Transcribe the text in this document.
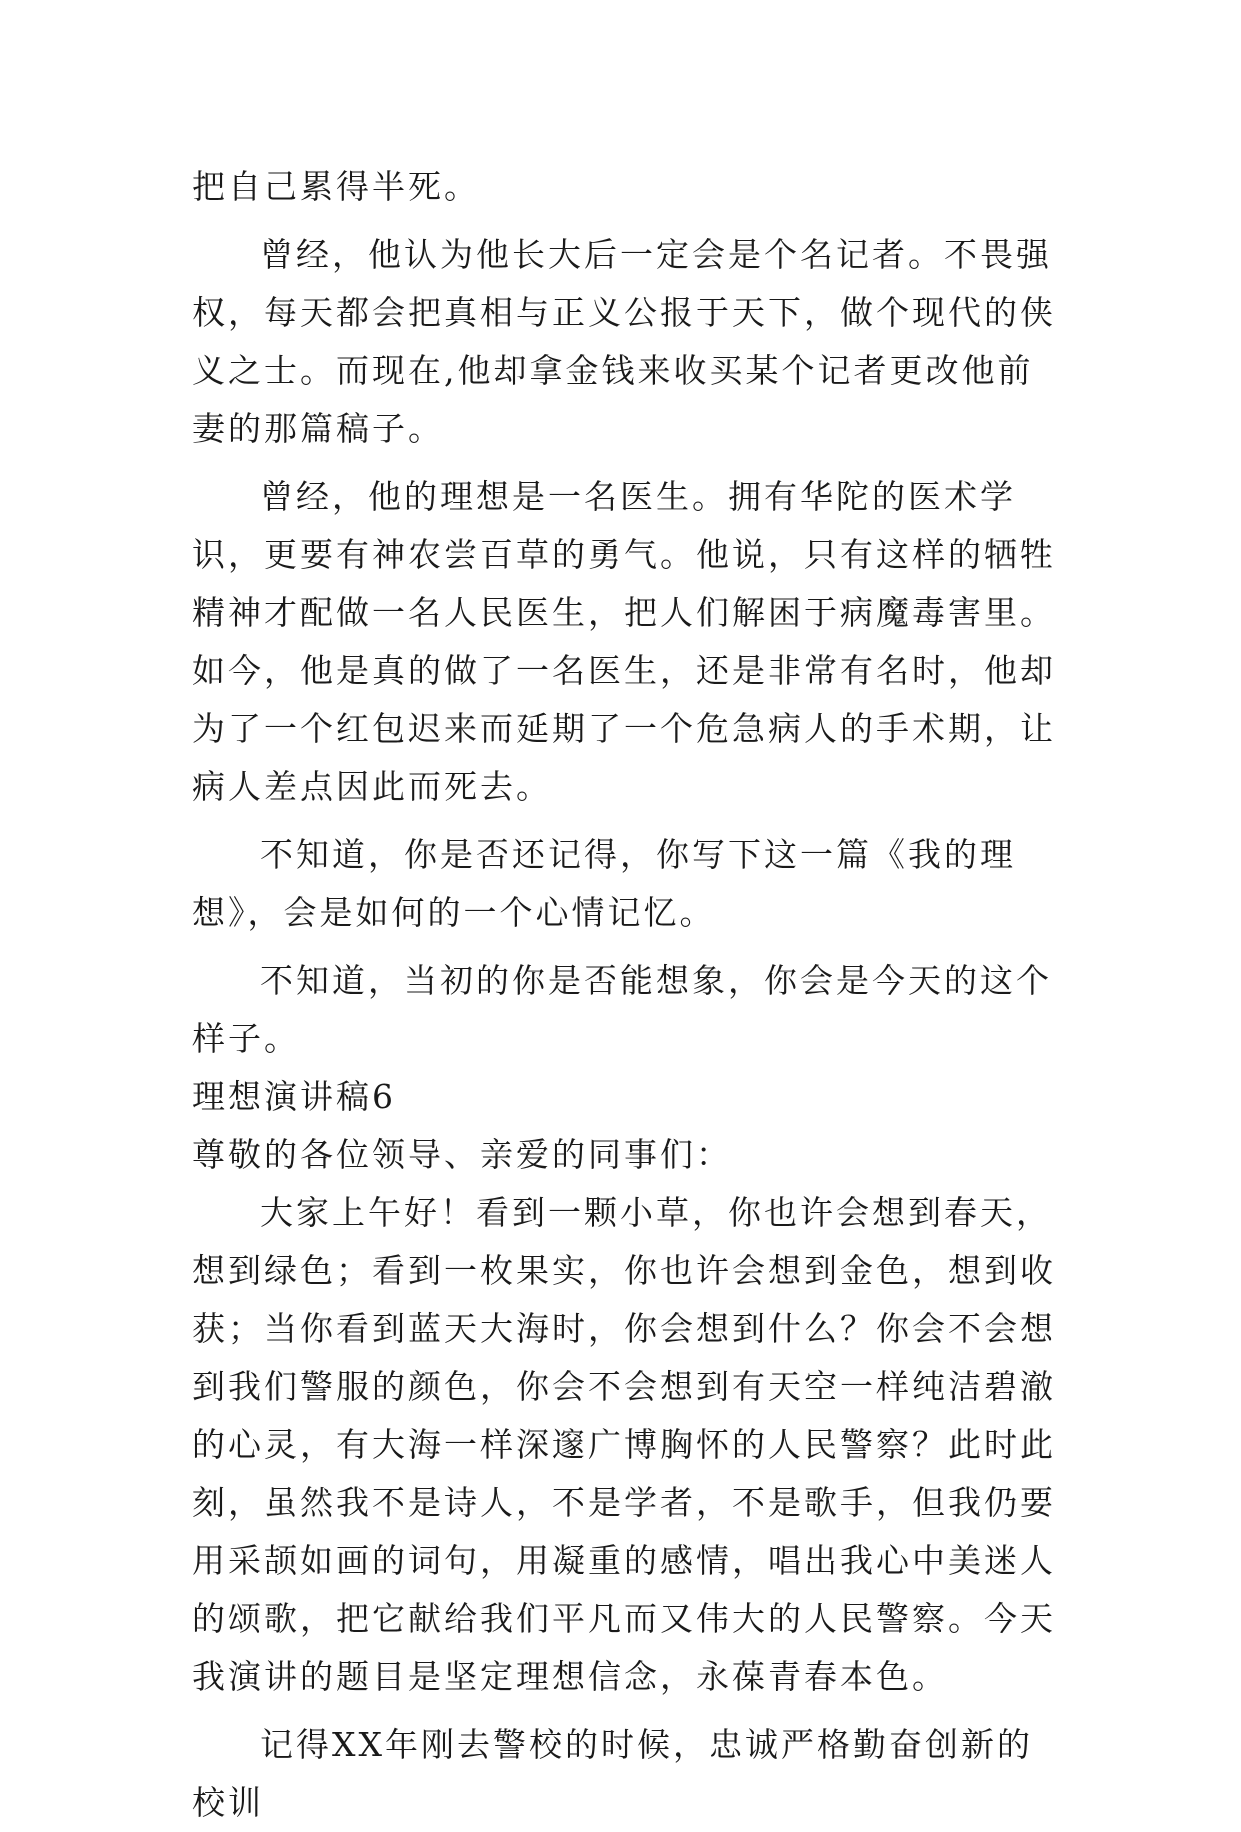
把自己累得半死。

曾经，他认为他长大后一定会是个名记者。不畏强权，每天都会把真相与正义公报于天下，做个现代的侠义之士。而现在,他却拿金钱来收买某个记者更改他前妻的那篇稿子。

曾经，他的理想是一名医生。拥有华陀的医术学识，更要有神农尝百草的勇气。他说，只有这样的牺牲精神才配做一名人民医生，把人们解困于病魔毒害里。如今，他是真的做了一名医生，还是非常有名时，他却为了一个红包迟来而延期了一个危急病人的手术期，让病人差点因此而死去。

不知道，你是否还记得，你写下这一篇《我的理想》，会是如何的一个心情记忆。

不知道，当初的你是否能想象，你会是今天的这个样子。

理想演讲稿6

尊敬的各位领导、亲爱的同事们：

大家上午好！看到一颗小草，你也许会想到春天，想到绿色；看到一枚果实，你也许会想到金色，想到收获；当你看到蓝天大海时，你会想到什么？你会不会想到我们警服的颜色，你会不会想到有天空一样纯洁碧澈的心灵，有大海一样深邃广博胸怀的人民警察？此时此刻，虽然我不是诗人，不是学者，不是歌手，但我仍要用采颉如画的词句，用凝重的感情，唱出我心中美迷人的颂歌，把它献给我们平凡而又伟大的人民警察。今天我演讲的题目是坚定理想信念，永葆青春本色。

记得XX年刚去警校的时候，忠诚严格勤奋创新的校训
